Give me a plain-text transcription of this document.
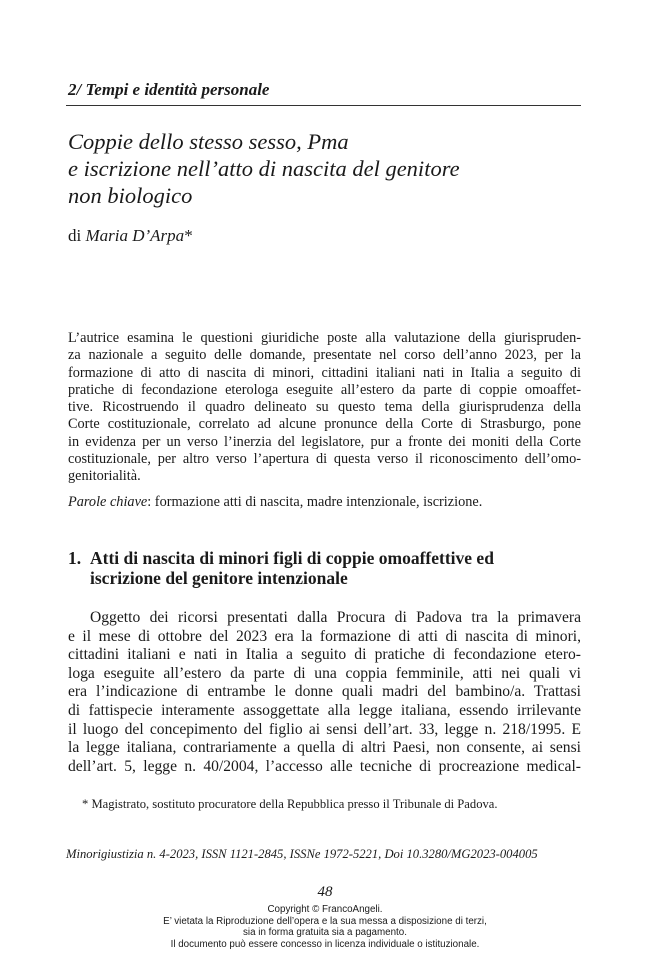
2/ Tempi e identità personale
Coppie dello stesso sesso, Pma
e iscrizione nell’atto di nascita del genitore
non biologico
di Maria D’Arpa*
L’autrice esamina le questioni giuridiche poste alla valutazione della giurispruden-
za nazionale a seguito delle domande, presentate nel corso dell’anno 2023, per la
formazione di atto di nascita di minori, cittadini italiani nati in Italia a seguito di
pratiche di fecondazione eterologa eseguite all’estero da parte di coppie omoaffet-
tive. Ricostruendo il quadro delineato su questo tema della giurisprudenza della
Corte costituzionale, correlato ad alcune pronunce della Corte di Strasburgo, pone
in evidenza per un verso l’inerzia del legislatore, pur a fronte dei moniti della Corte
costituzionale, per altro verso l’apertura di questa verso il riconoscimento dell’omo-
genitorialità.
Parole chiave: formazione atti di nascita, madre intenzionale, iscrizione.
1. Atti di nascita di minori figli di coppie omoaffettive ed
iscrizione del genitore intenzionale
Oggetto dei ricorsi presentati dalla Procura di Padova tra la primavera
e il mese di ottobre del 2023 era la formazione di atti di nascita di minori,
cittadini italiani e nati in Italia a seguito di pratiche di fecondazione etero-
loga eseguite all’estero da parte di una coppia femminile, atti nei quali vi
era l’indicazione di entrambe le donne quali madri del bambino/a. Trattasi
di fattispecie interamente assoggettate alla legge italiana, essendo irrilevante
il luogo del concepimento del figlio ai sensi dell’art. 33, legge n. 218/1995. E
la legge italiana, contrariamente a quella di altri Paesi, non consente, ai sensi
dell’art. 5, legge n. 40/2004, l’accesso alle tecniche di procreazione medical-
* Magistrato, sostituto procuratore della Repubblica presso il Tribunale di Padova.
Minorigiustizia n. 4-2023, ISSN 1121-2845, ISSNe 1972-5221, Doi 10.3280/MG2023-004005
48
Copyright © FrancoAngeli.
E’ vietata la Riproduzione dell’opera e la sua messa a disposizione di terzi,
sia in forma gratuita sia a pagamento.
Il documento può essere concesso in licenza individuale o istituzionale.
